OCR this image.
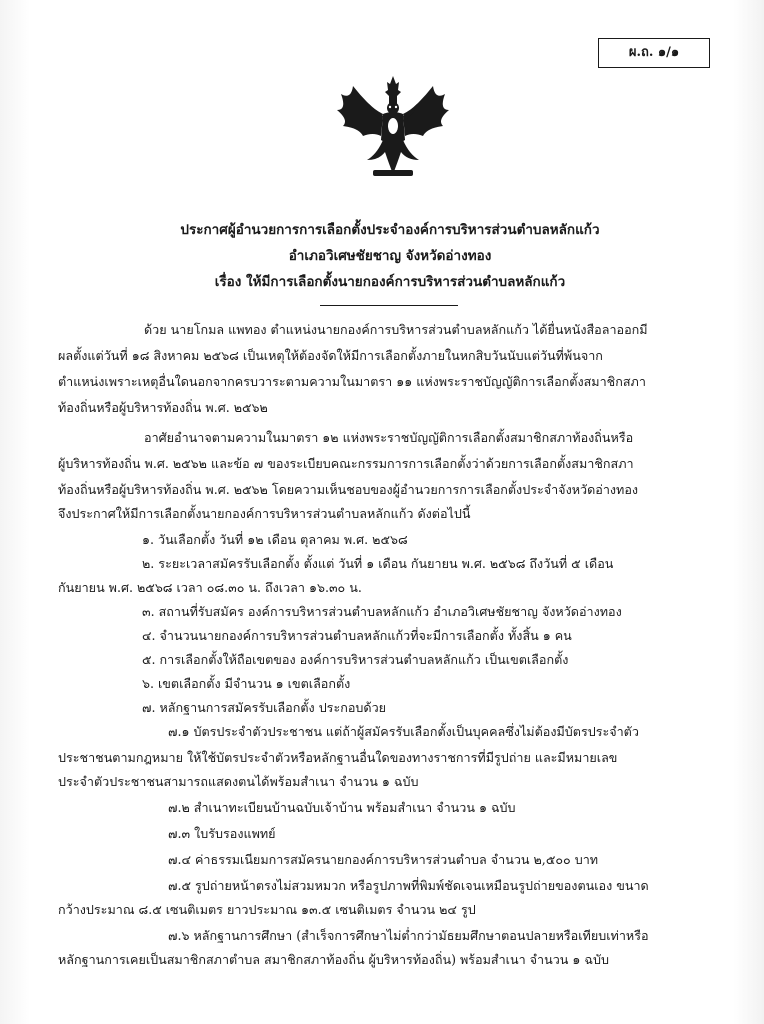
ผ.ถ. ๑/๑
ประกาศผู้อำนวยการการเลือกตั้งประจำองค์การบริหารส่วนตำบลหลักแก้ว
อำเภอวิเศษชัยชาญ จังหวัดอ่างทอง
เรื่อง ให้มีการเลือกตั้งนายกองค์การบริหารส่วนตำบลหลักแก้ว
ด้วย นายโกมล แพทอง ตำแหน่งนายกองค์การบริหารส่วนตำบลหลักแก้ว ได้ยื่นหนังสือลาออกมี
ผลตั้งแต่วันที่ ๑๘ สิงหาคม ๒๕๖๘ เป็นเหตุให้ต้องจัดให้มีการเลือกตั้งภายในหกสิบวันนับแต่วันที่พ้นจาก
ตำแหน่งเพราะเหตุอื่นใดนอกจากครบวาระตามความในมาตรา ๑๑ แห่งพระราชบัญญัติการเลือกตั้งสมาชิกสภา
ท้องถิ่นหรือผู้บริหารท้องถิ่น พ.ศ. ๒๕๖๒
อาศัยอำนาจตามความในมาตรา ๑๒ แห่งพระราชบัญญัติการเลือกตั้งสมาชิกสภาท้องถิ่นหรือ
ผู้บริหารท้องถิ่น พ.ศ. ๒๕๖๒ และข้อ ๗ ของระเบียบคณะกรรมการการเลือกตั้งว่าด้วยการเลือกตั้งสมาชิกสภา
ท้องถิ่นหรือผู้บริหารท้องถิ่น พ.ศ. ๒๕๖๒ โดยความเห็นชอบของผู้อำนวยการการเลือกตั้งประจำจังหวัดอ่างทอง
จึงประกาศให้มีการเลือกตั้งนายกองค์การบริหารส่วนตำบลหลักแก้ว ดังต่อไปนี้
๑. วันเลือกตั้ง วันที่ ๑๒ เดือน ตุลาคม พ.ศ. ๒๕๖๘
๒. ระยะเวลาสมัครรับเลือกตั้ง ตั้งแต่ วันที่ ๑ เดือน กันยายน พ.ศ. ๒๕๖๘ ถึงวันที่ ๕ เดือน
กันยายน พ.ศ. ๒๕๖๘ เวลา ๐๘.๓๐ น. ถึงเวลา ๑๖.๓๐ น.
๓. สถานที่รับสมัคร องค์การบริหารส่วนตำบลหลักแก้ว อำเภอวิเศษชัยชาญ จังหวัดอ่างทอง
๔. จำนวนนายกองค์การบริหารส่วนตำบลหลักแก้วที่จะมีการเลือกตั้ง ทั้งสิ้น ๑ คน
๕. การเลือกตั้งให้ถือเขตของ องค์การบริหารส่วนตำบลหลักแก้ว เป็นเขตเลือกตั้ง
๖. เขตเลือกตั้ง มีจำนวน ๑ เขตเลือกตั้ง
๗. หลักฐานการสมัครรับเลือกตั้ง ประกอบด้วย
๗.๑ บัตรประจำตัวประชาชน แต่ถ้าผู้สมัครรับเลือกตั้งเป็นบุคคลซึ่งไม่ต้องมีบัตรประจำตัว
ประชาชนตามกฎหมาย ให้ใช้บัตรประจำตัวหรือหลักฐานอื่นใดของทางราชการที่มีรูปถ่าย และมีหมายเลข
ประจำตัวประชาชนสามารถแสดงตนได้พร้อมสำเนา จำนวน ๑ ฉบับ
๗.๒ สำเนาทะเบียนบ้านฉบับเจ้าบ้าน พร้อมสำเนา จำนวน ๑ ฉบับ
๗.๓ ใบรับรองแพทย์
๗.๔ ค่าธรรมเนียมการสมัครนายกองค์การบริหารส่วนตำบล จำนวน ๒,๕๐๐ บาท
๗.๕ รูปถ่ายหน้าตรงไม่สวมหมวก หรือรูปภาพที่พิมพ์ชัดเจนเหมือนรูปถ่ายของตนเอง ขนาด
กว้างประมาณ ๘.๕ เซนติเมตร ยาวประมาณ ๑๓.๕ เซนติเมตร จำนวน ๒๔ รูป
๗.๖ หลักฐานการศึกษา (สำเร็จการศึกษาไม่ต่ำกว่ามัธยมศึกษาตอนปลายหรือเทียบเท่าหรือ
หลักฐานการเคยเป็นสมาชิกสภาตำบล สมาชิกสภาท้องถิ่น ผู้บริหารท้องถิ่น) พร้อมสำเนา จำนวน ๑ ฉบับ
